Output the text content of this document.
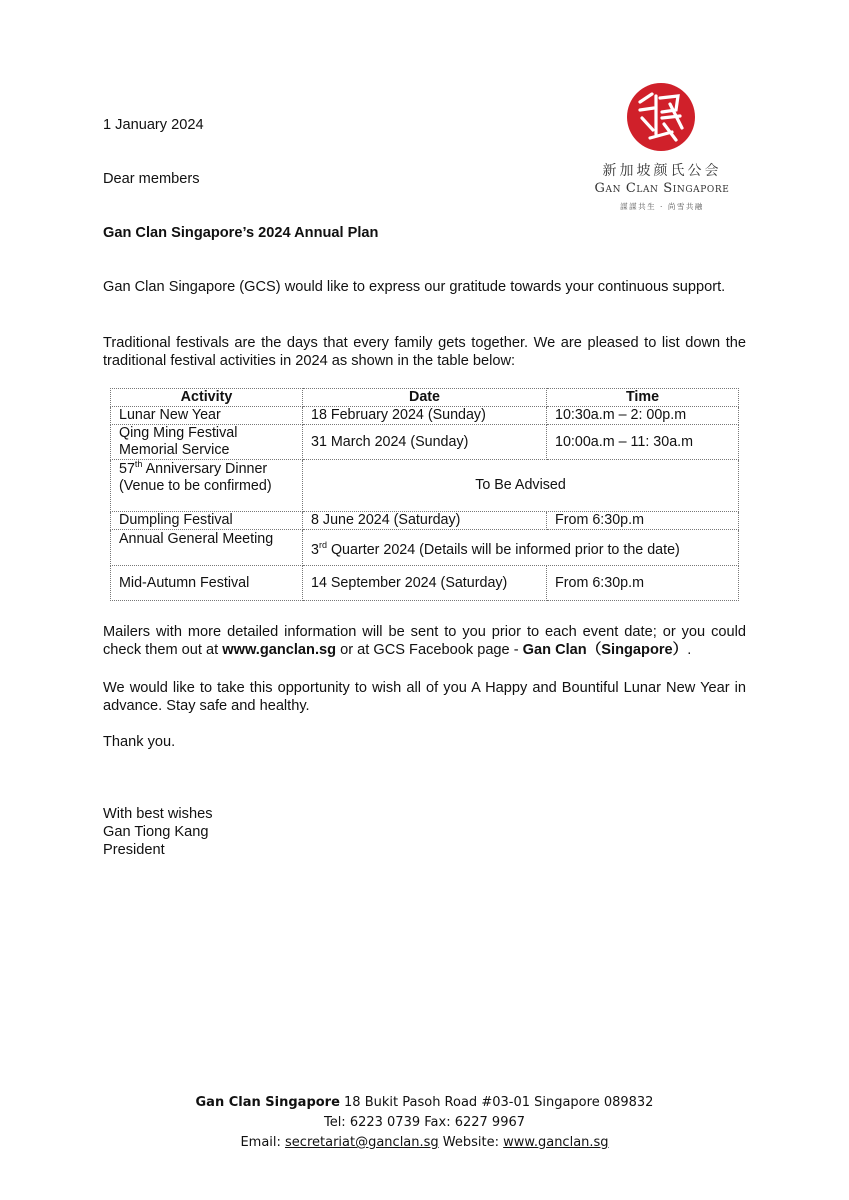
新加坡颜氏公会
Gan Clan Singapore
謀謀共生 · 尚雪共融
1 January 2024
Dear members
Gan Clan Singapore’s 2024 Annual Plan
Gan Clan Singapore (GCS) would like to express our gratitude towards your continuous support.
Traditional festivals are the days that every family gets together. We are pleased to list down the traditional festival activities in 2024 as shown in the table below:
Activity	Date	Time
Lunar New Year	18 February 2024 (Sunday)	10:30a.m – 2: 00p.m
Qing Ming Festival
Memorial Service	31 March 2024 (Sunday)	10:00a.m – 11: 30a.m
57th Anniversary Dinner
(Venue to be confirmed)	To Be Advised	
Dumpling Festival	8 June 2024 (Saturday)	From 6:30p.m
Annual General Meeting	3rd Quarter 2024 (Details will be informed prior to the date)	
Mid-Autumn Festival	14 September 2024 (Saturday)	From 6:30p.m
Mailers with more detailed information will be sent to you prior to each event date; or you could check them out at www.ganclan.sg or at GCS Facebook page - Gan Clan（Singapore）.
We would like to take this opportunity to wish all of you A Happy and Bountiful Lunar New Year in advance. Stay safe and healthy.
Thank you.
With best wishes
Gan Tiong Kang
President
Gan Clan Singapore 18 Bukit Pasoh Road #03-01 Singapore 089832
Tel: 6223 0739 Fax: 6227 9967
Email: secretariat@ganclan.sg Website: www.ganclan.sg
